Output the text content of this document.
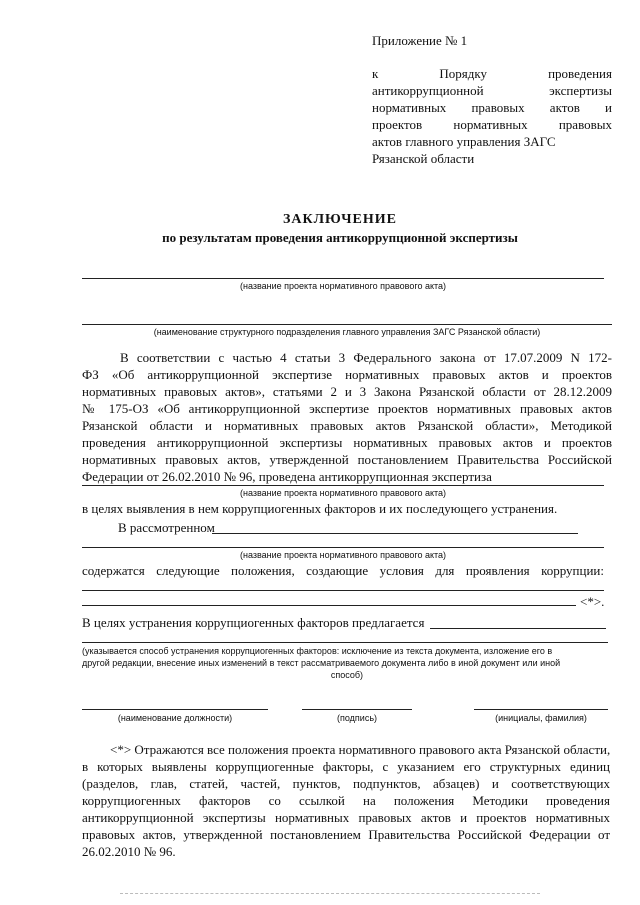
Приложение № 1
к Порядку проведения
антикоррупционной экспертизы
нормативных правовых актов и
проектов нормативных правовых
актов главного управления ЗАГС
Рязанской области
ЗАКЛЮЧЕНИЕ
по результатам проведения антикоррупционной экспертизы
(название проекта нормативного правового акта)
(наименование структурного подразделения главного управления ЗАГС Рязанской области)
В соответствии с частью 4 статьи 3 Федерального закона от 17.07.2009 N 172-
ФЗ «Об антикоррупционной экспертизе нормативных правовых актов и проектов
нормативных правовых актов», статьями 2 и 3 Закона Рязанской области от 28.12.2009
№ 175-ОЗ «Об антикоррупционной экспертизе проектов нормативных правовых актов
Рязанской области и нормативных правовых актов Рязанской области», Методикой
проведения антикоррупционной экспертизы нормативных правовых актов и проектов
нормативных правовых актов, утвержденной постановлением Правительства Российской
Федерации от 26.02.2010 № 96, проведена антикоррупционная экспертиза
(название проекта нормативного правового акта)
в целях выявления в нем коррупциогенных факторов и их последующего устранения.
В рассмотренном
(название проекта нормативного правового акта)
содержатся следующие положения, создающие условия для проявления коррупции:
<*>.
В целях устранения коррупциогенных факторов предлагается
(указывается способ устранения коррупциогенных факторов: исключение из текста документа, изложение его в
другой редакции, внесение иных изменений в текст рассматриваемого документа либо в иной документ или иной
способ)
(наименование должности)	(подпись)	(инициалы, фамилия)
<*> Отражаются все положения проекта нормативного правового акта Рязанской области,
в которых выявлены коррупциогенные факторы, с указанием его структурных единиц
(разделов, глав, статей, частей, пунктов, подпунктов, абзацев) и соответствующих
коррупциогенных факторов со ссылкой на положения Методики проведения
антикоррупционной экспертизы нормативных правовых актов и проектов нормативных
правовых актов, утвержденной постановлением Правительства Российской Федерации от
26.02.2010 № 96.
